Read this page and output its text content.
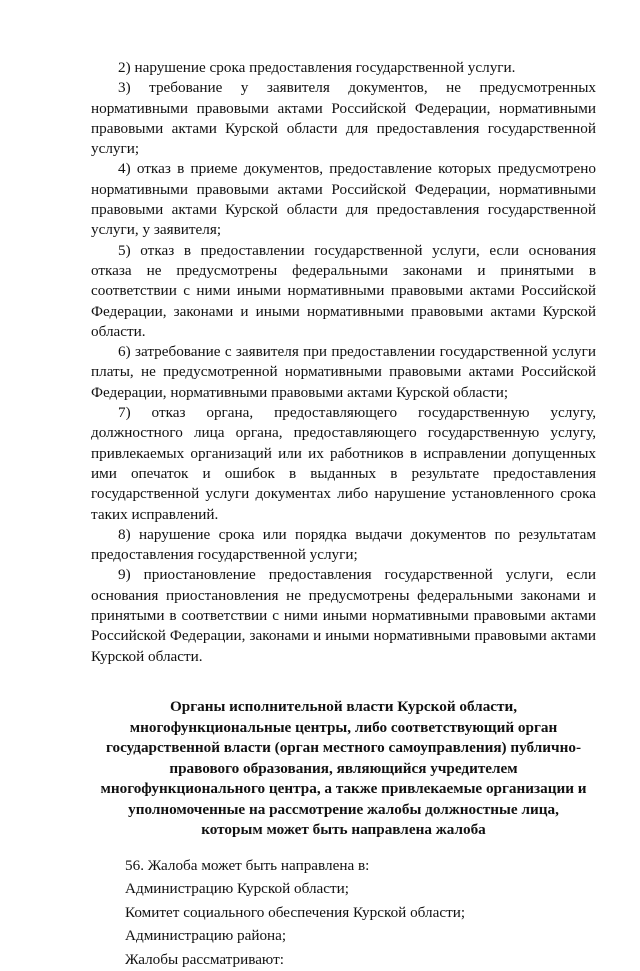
2) нарушение срока предоставления государственной услуги.

3) требование у заявителя документов, не предусмотренных нормативными правовыми актами Российской Федерации, нормативными правовыми актами Курской области для предоставления государственной услуги;

4) отказ в приеме документов, предоставление которых предусмотрено нормативными правовыми актами Российской Федерации, нормативными правовыми актами Курской области для предоставления государственной услуги, у заявителя;

5) отказ в предоставлении государственной услуги, если основания отказа не предусмотрены федеральными законами и принятыми в соответствии с ними иными нормативными правовыми актами Российской Федерации, законами и иными нормативными правовыми актами Курской области.

6) затребование с заявителя при предоставлении государственной услуги платы, не предусмотренной нормативными правовыми актами Российской Федерации, нормативными правовыми актами Курской области;

7) отказ органа, предоставляющего государственную услугу, должностного лица органа, предоставляющего государственную услугу, привлекаемых организаций или их работников в исправлении допущенных ими опечаток и ошибок в выданных в результате предоставления государственной услуги документах либо нарушение установленного срока таких исправлений.

8) нарушение срока или порядка выдачи документов по результатам предоставления государственной услуги;

9) приостановление предоставления государственной услуги, если основания приостановления не предусмотрены федеральными законами и принятыми в соответствии с ними иными нормативными правовыми актами Российской Федерации, законами и иными нормативными правовыми актами Курской области.

Органы исполнительной власти Курской области, многофункциональные центры, либо соответствующий орган государственной власти (орган местного самоуправления) публично-правового образования, являющийся учредителем многофункционального центра, а также привлекаемые организации и уполномоченные на рассмотрение жалобы должностные лица, которым может быть направлена жалоба

56. Жалоба может быть направлена в:

Администрацию Курской области;

Комитет социального обеспечения Курской области;

Администрацию района;

Жалобы рассматривают:
